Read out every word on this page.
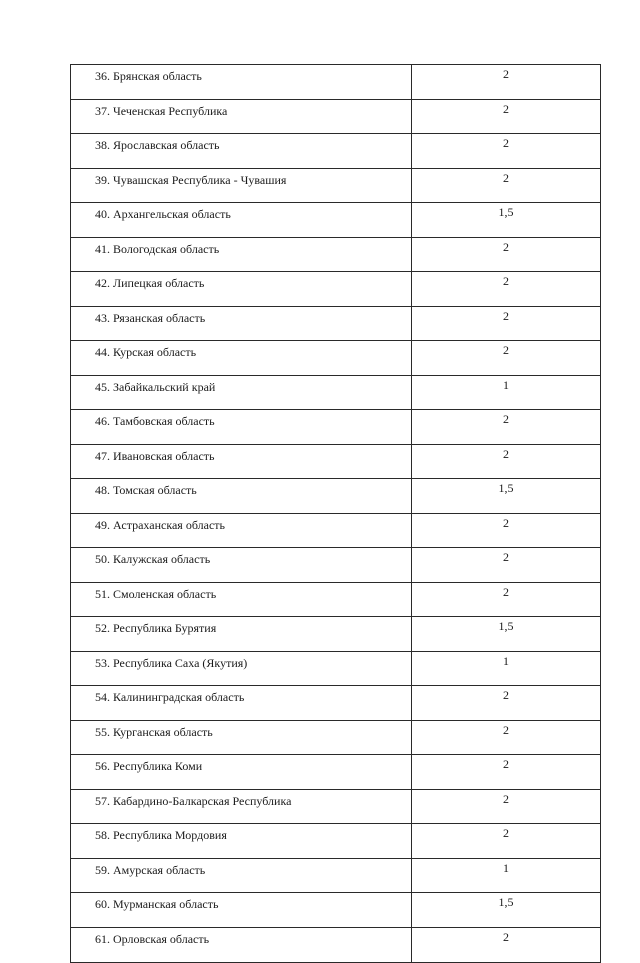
36. Брянская область	2
37. Чеченская Республика	2
38. Ярославская область	2
39. Чувашская Республика - Чувашия	2
40. Архангельская область	1,5
41. Вологодская область	2
42. Липецкая область	2
43. Рязанская область	2
44. Курская область	2
45. Забайкальский край	1
46. Тамбовская область	2
47. Ивановская область	2
48. Томская область	1,5
49. Астраханская область	2
50. Калужская область	2
51. Смоленская область	2
52. Республика Бурятия	1,5
53. Республика Саха (Якутия)	1
54. Калининградская область	2
55. Курганская область	2
56. Республика Коми	2
57. Кабардино-Балкарская Республика	2
58. Республика Мордовия	2
59. Амурская область	1
60. Мурманская область	1,5
61. Орловская область	2
